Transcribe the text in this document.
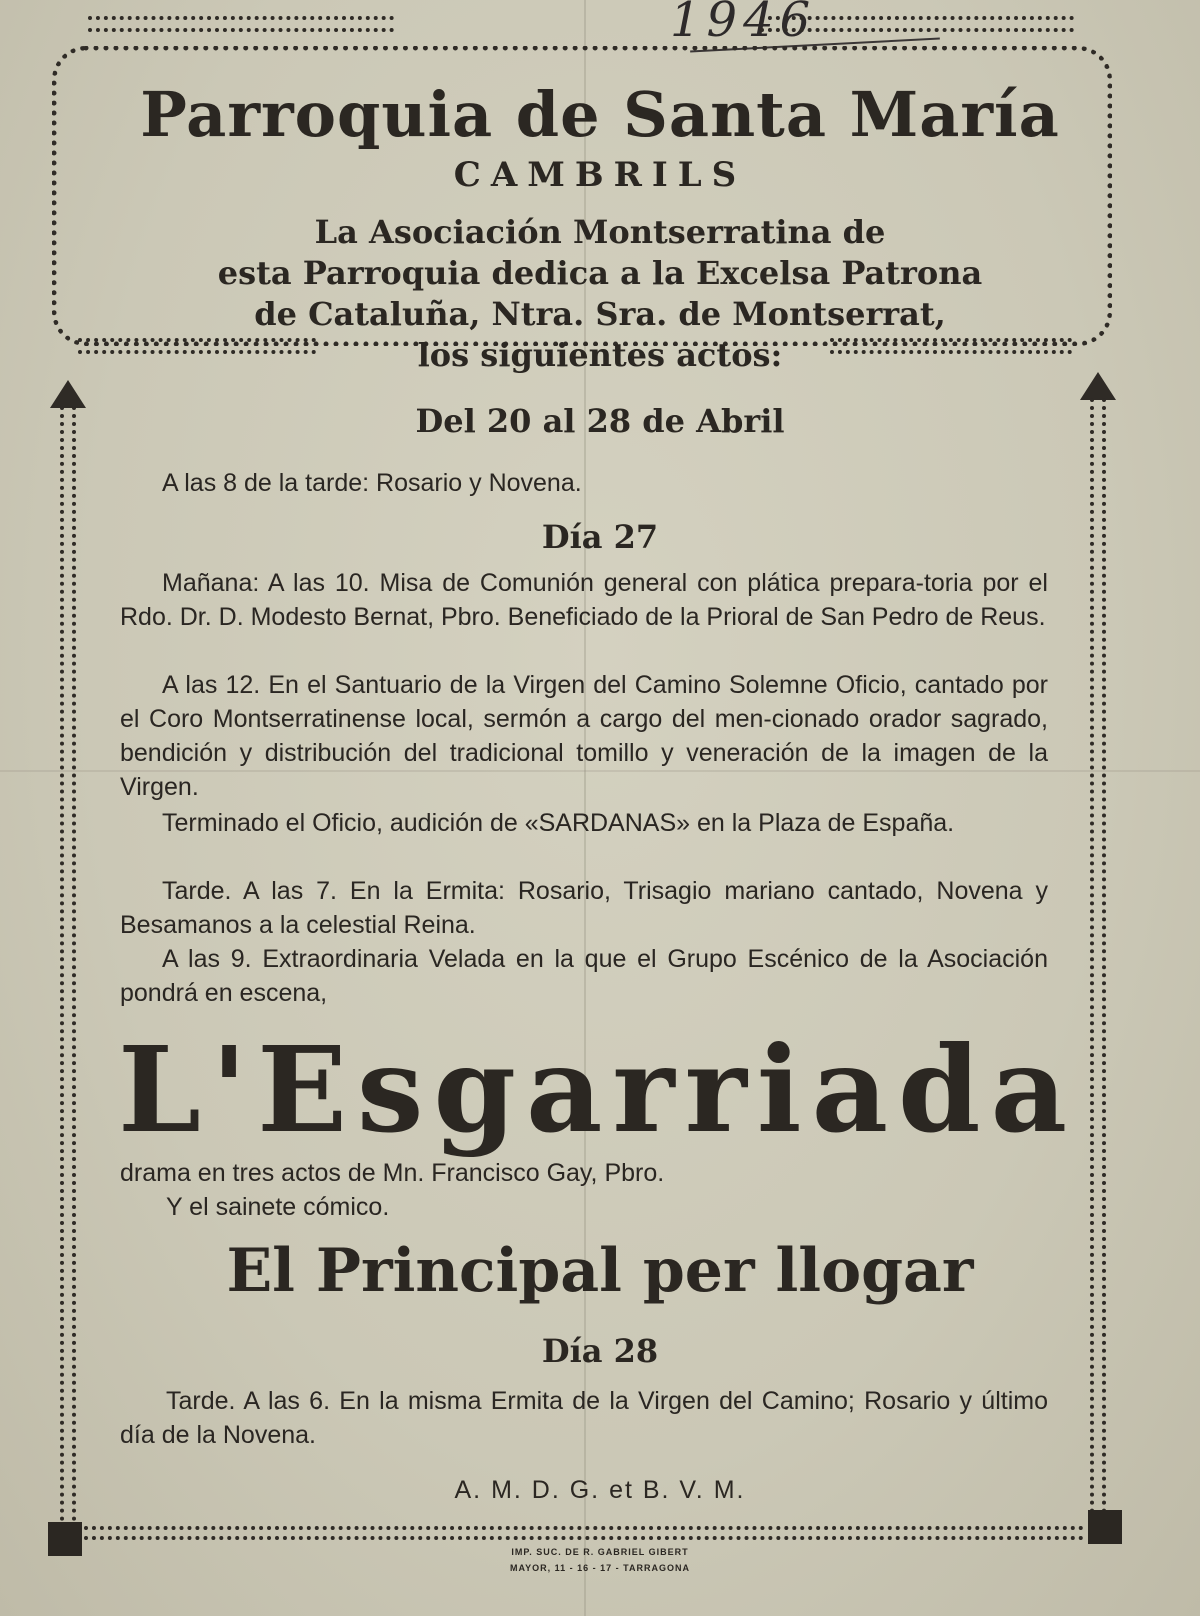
1946
Parroquia de Santa María
CAMBRILS
La Asociación Montserratina de
esta Parroquia dedica a la Excelsa Patrona
de Cataluña, Ntra. Sra. de Montserrat,
los siguientes actos:
Del 20 al 28 de Abril
A las 8 de la tarde: Rosario y Novena.
Día 27
Mañana: A las 10. Misa de Comunión general con plática prepara-toria por el Rdo. Dr. D. Modesto Bernat, Pbro. Beneficiado de la Prioral de San Pedro de Reus.
A las 12. En el Santuario de la Virgen del Camino Solemne Oficio, cantado por el Coro Montserratinense local, sermón a cargo del men-cionado orador sagrado, bendición y distribución del tradicional tomillo y veneración de la imagen de la Virgen.
Terminado el Oficio, audición de «SARDANAS» en la Plaza de España.
Tarde. A las 7. En la Ermita: Rosario, Trisagio mariano cantado, Novena y Besamanos a la celestial Reina.
A las 9. Extraordinaria Velada en la que el Grupo Escénico de la Asociación pondrá en escena,
L'Esgarriada
drama en tres actos de Mn. Francisco Gay, Pbro.
Y el sainete cómico.
El Principal per llogar
Día 28
Tarde. A las 6. En la misma Ermita de la Virgen del Camino; Rosario y último día de la Novena.
A. M. D. G. et B. V. M.
IMP. SUC. DE R. GABRIEL GIBERT
MAYOR, 11 - 16 - 17 - TARRAGONA
